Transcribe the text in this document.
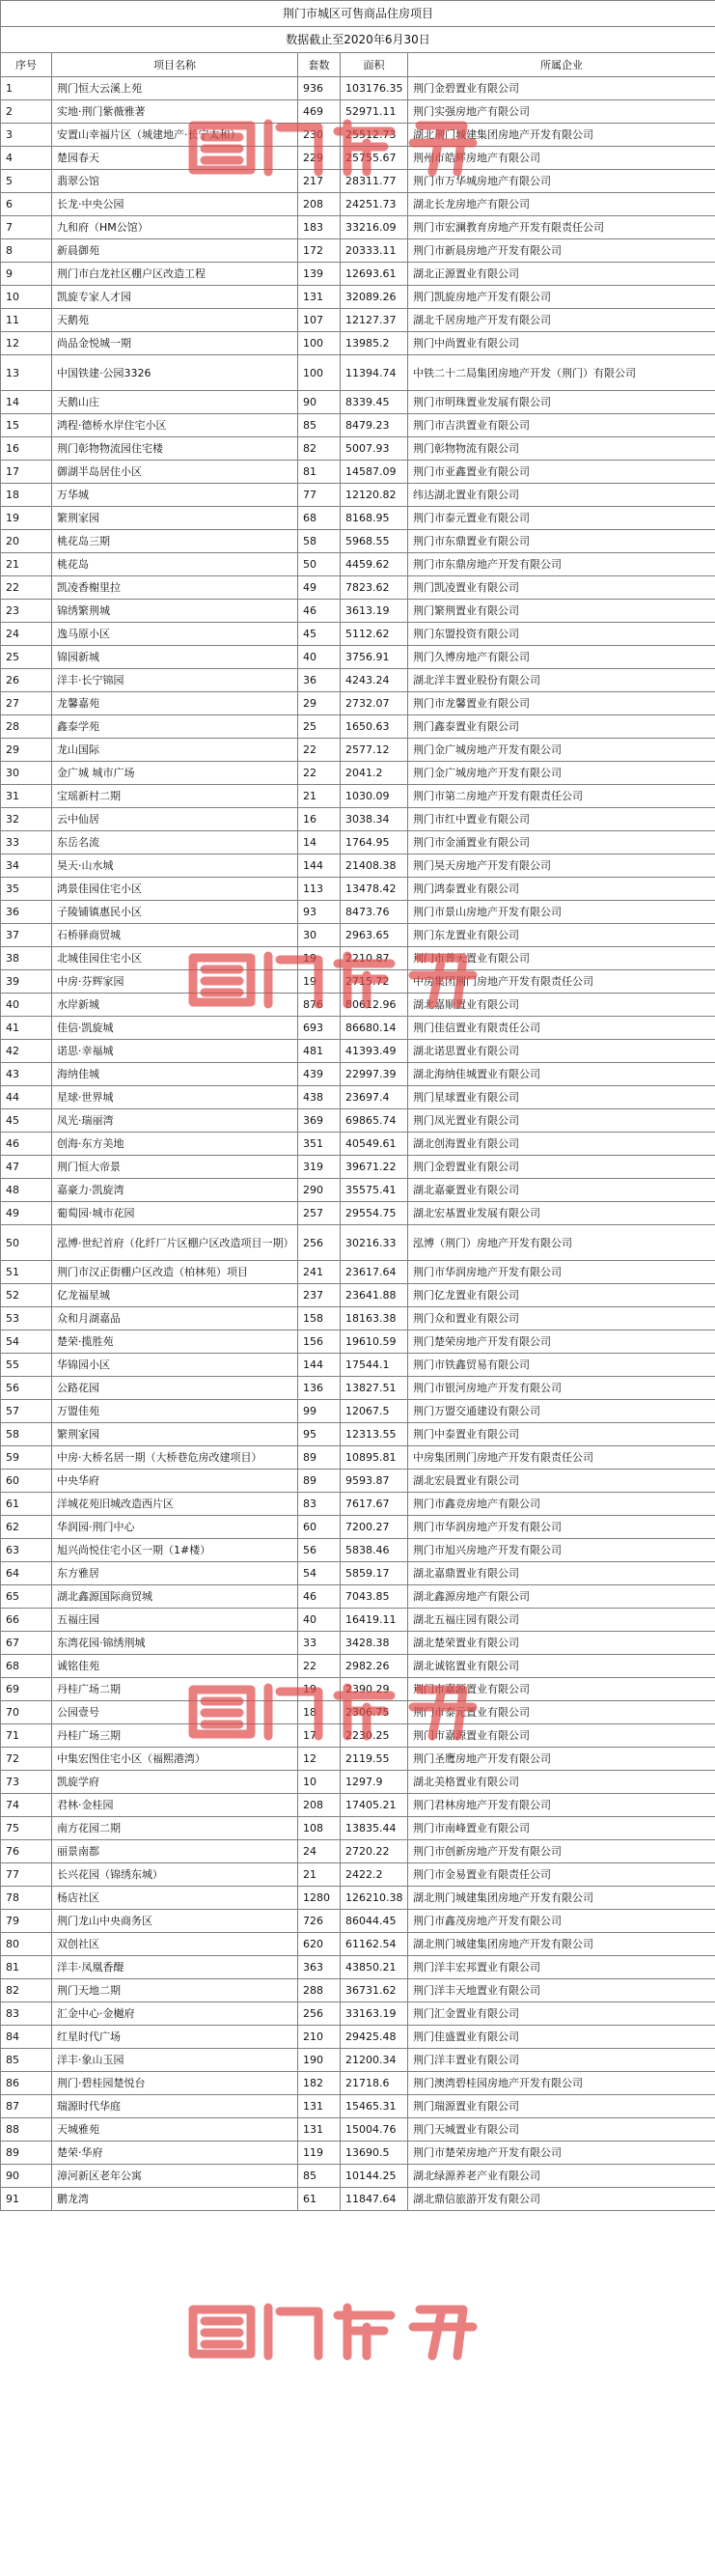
荆门市城区可售商品住房项目				
数据截止至2020年6月30日				
序号	项目名称	套数	面积	所属企业
1	荆门恒大云溪上苑	936	103176.35	荆门金碧置业有限公司
2	实地·荆门紫薇雅著	469	52971.11	荆门实强房地产有限公司
3	安置山幸福片区（城建地产·长宁太和）	230	25512.73	湖北荆门城建集团房地产开发有限公司
4	楚园春天	229	25755.67	荆州市皓辉房地产有限公司
5	翡翠公馆	217	28311.77	荆门市万华城房地产有限公司
6	长龙·中央公园	208	24251.73	湖北长龙房地产有限公司
7	九和府（HM公馆）	183	33216.09	荆门市宏澜教育房地产开发有限责任公司
8	新晨御苑	172	20333.11	荆门市新晨房地产开发有限公司
9	荆门市白龙社区棚户区改造工程	139	12693.61	湖北正源置业有限公司
10	凯旋专家人才园	131	32089.26	荆门凯旋房地产开发有限公司
11	天鹅苑	107	12127.37	湖北千居房地产开发有限公司
12	尚品金悦城一期	100	13985.2	荆门中尚置业有限公司
13	中国铁建·公园3326	100	11394.74	中铁二十二局集团房地产开发（荆门）有限公司
14	天鹅山庄	90	8339.45	荆门市明珠置业发展有限公司
15	鸿程·德桥水岸住宅小区	85	8479.23	荆门市吉洪置业有限公司
16	荆门彰物物流园住宅楼	82	5007.93	荆门彰物物流有限公司
17	御湖半岛居住小区	81	14587.09	荆门市亚鑫置业有限公司
18	万华城	77	12120.82	纬达湖北置业有限公司
19	繁荆家园	68	8168.95	荆门市泰元置业有限公司
20	桃花岛三期	58	5968.55	荆门市东鼎置业有限公司
21	桃花岛	50	4459.62	荆门市东鼎房地产开发有限公司
22	凯凌香榭里拉	49	7823.62	荆门凯凌置业有限公司
23	锦绣繁荆城	46	3613.19	荆门繁荆置业有限公司
24	逸马原小区	45	5112.62	荆门东盟投资有限公司
25	锦园新城	40	3756.91	荆门久博房地产有限公司
26	洋丰·长宁锦园	36	4243.24	湖北洋丰置业股份有限公司
27	龙馨嘉苑	29	2732.07	荆门市龙馨置业有限公司
28	鑫泰学苑	25	1650.63	荆门鑫泰置业有限公司
29	龙山国际	22	2577.12	荆门金广城房地产开发有限公司
30	金广城 城市广场	22	2041.2	荆门金广城房地产开发有限公司
31	宝瑶新村二期	21	1030.09	荆门市第二房地产开发有限责任公司
32	云中仙居	16	3038.34	荆门市红中置业有限公司
33	东岳名流	14	1764.95	荆门市金涌置业有限公司
34	昊天·山水城	144	21408.38	荆门昊天房地产开发有限公司
35	鸿景佳园住宅小区	113	13478.42	荆门鸿泰置业有限公司
36	子陵铺镇惠民小区	93	8473.76	荆门市景山房地产开发有限公司
37	石桥驿商贸城	30	2963.65	荆门东龙置业有限公司
38	北城佳园住宅小区	19	2210.87	荆门市普天置业有限公司
39	中房·芬辉家园	19	2715.72	中房集团荆门房地产开发有限责任公司
40	水岸新城	876	80612.96	湖北嘉顺置业有限公司
41	佳信·凯旋城	693	86680.14	荆门佳信置业有限责任公司
42	诺思·幸福城	481	41393.49	湖北诺思置业有限公司
43	海纳佳城	439	22997.39	湖北海纳佳城置业有限公司
44	星球·世界城	438	23697.4	荆门星球置业有限公司
45	凤光·瑞丽湾	369	69865.74	荆门凤光置业有限公司
46	创海·东方美地	351	40549.61	湖北创海置业有限公司
47	荆门恒大帝景	319	39671.22	荆门金碧置业有限公司
48	嘉豪力·凯旋湾	290	35575.41	湖北嘉豪置业有限公司
49	葡萄园·城市花园	257	29554.75	湖北宏基置业发展有限公司
50	泓博·世纪首府（化纤厂片区棚户区改造项目一期）	256	30216.33	泓博（荆门）房地产开发有限公司
51	荆门市汉正街棚户区改造（柏林苑）项目	241	23617.64	荆门市华润房地产开发有限公司
52	亿龙福星城	237	23641.88	荆门亿龙置业有限公司
53	众和月湖嘉品	158	18163.38	荆门众和置业有限公司
54	楚荣·揽胜苑	156	19610.59	荆门楚荣房地产开发有限公司
55	华锦园小区	144	17544.1	荆门市铁鑫贸易有限公司
56	公路花园	136	13827.51	荆门市银河房地产开发有限公司
57	万盟佳苑	99	12067.5	荆门万盟交通建设有限公司
58	繁荆家园	95	12313.55	荆门中泰置业有限公司
59	中房·大桥名居一期（大桥巷危房改建项目）	89	10895.81	中房集团荆门房地产开发有限责任公司
60	中央华府	89	9593.87	湖北宏晨置业有限公司
61	洋城花苑旧城改造西片区	83	7617.67	荆门市鑫竞房地产有限公司
62	华润园·荆门中心	60	7200.27	荆门市华润房地产开发有限公司
63	旭兴尚悦住宅小区一期（1#楼）	56	5838.46	荆门市旭兴房地产开发有限公司
64	东方雅居	54	5859.17	湖北嘉鼎置业有限公司
65	湖北鑫源国际商贸城	46	7043.85	湖北鑫源房地产有限公司
66	五福庄园	40	16419.11	湖北五福庄园有限公司
67	东湾花园·锦绣荆城	33	3428.38	湖北楚荣置业有限公司
68	诚铭佳苑	22	2982.26	湖北诚铭置业有限公司
69	丹桂广场二期	19	2390.29	荆门市嘉源置业有限公司
70	公园壹号	18	2306.75	荆门市泰元置业有限公司
71	丹桂广场三期	17	2230.25	荆门市嘉源置业有限公司
72	中集宏图住宅小区（福熙港湾）	12	2119.55	荆门圣鹰房地产开发有限公司
73	凯旋学府	10	1297.9	湖北美格置业有限公司
74	君林·金桂园	208	17405.21	荆门君林房地产开发有限公司
75	南方花园二期	108	13835.44	荆门市南峰置业有限公司
76	丽景南都	24	2720.22	荆门市创新房地产开发有限公司
77	长兴花园（锦绣东城）	21	2422.2	荆门市金易置业有限责任公司
78	杨店社区	1280	126210.38	湖北荆门城建集团房地产开发有限公司
79	荆门龙山中央商务区	726	86044.45	荆门市鑫茂房地产开发有限公司
80	双创社区	620	61162.54	湖北荆门城建集团房地产开发有限公司
81	洋丰·凤凰香醍	363	43850.21	荆门洋丰宏邦置业有限公司
82	荆门天地二期	288	36731.62	荆门洋丰天地置业有限公司
83	汇金中心·金樾府	256	33163.19	荆门汇金置业有限公司
84	红星时代广场	210	29425.48	荆门佳盛置业有限公司
85	洋丰·象山玉园	190	21200.34	荆门洋丰置业有限公司
86	荆门·碧桂园楚悦台	182	21718.6	荆门澳湾碧桂园房地产开发有限公司
87	瑞源时代华庭	131	15465.31	荆门瑞源置业有限公司
88	天城雅苑	131	15004.76	荆门天城置业有限公司
89	楚荣·华府	119	13690.5	荆门市楚荣房地产开发有限公司
90	漳河新区老年公寓	85	10144.25	湖北绿源养老产业有限公司
91	鹏龙湾	61	11847.64	湖北鼎信旅游开发有限公司
